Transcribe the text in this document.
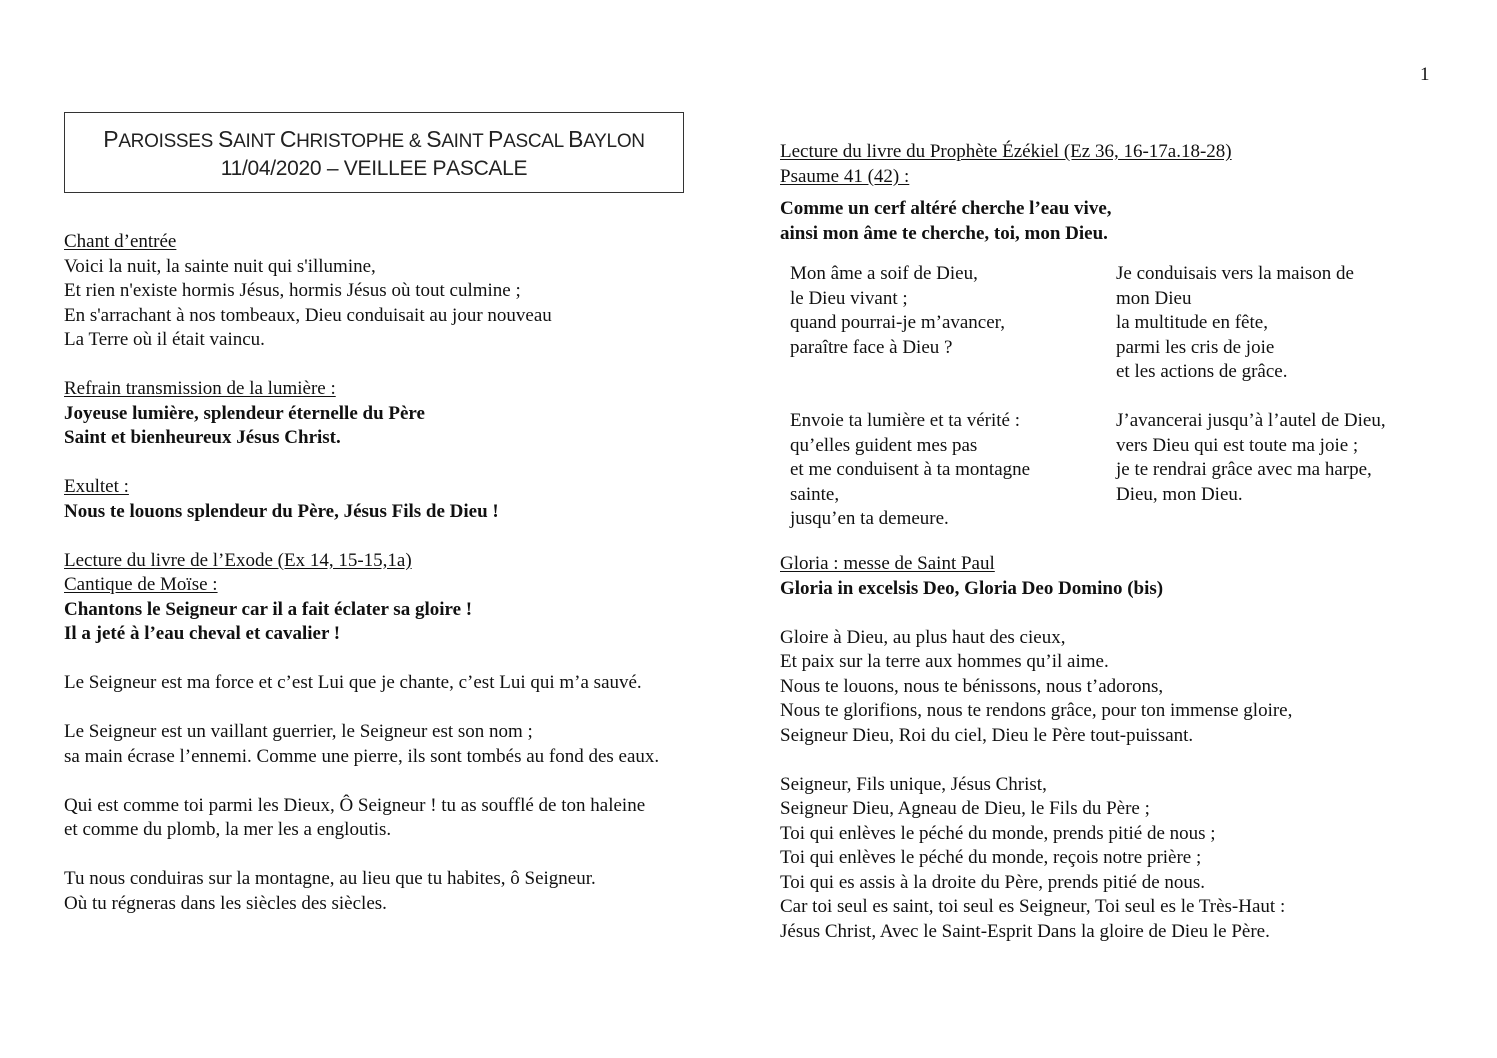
1
PAROISSES SAINT CHRISTOPHE & SAINT PASCAL BAYLON
11/04/2020 – VEILLEE PASCALE
Chant d’entrée
Voici la nuit, la sainte nuit qui s'illumine,
Et rien n'existe hormis Jésus, hormis Jésus où tout culmine ;
En s'arrachant à nos tombeaux, Dieu conduisait au jour nouveau
La Terre où il était vaincu.
Refrain transmission de la lumière :
Joyeuse lumière, splendeur éternelle du Père
Saint et bienheureux Jésus Christ.
Exultet :
Nous te louons splendeur du Père, Jésus Fils de Dieu !
Lecture du livre de l’Exode (Ex 14, 15-15,1a)
Cantique de Moïse :
Chantons le Seigneur car il a fait éclater sa gloire !
Il a jeté à l’eau cheval et cavalier !
Le Seigneur est ma force et c’est Lui que je chante, c’est Lui qui m’a sauvé.
Le Seigneur est un vaillant guerrier, le Seigneur est son nom ;
sa main écrase l’ennemi. Comme une pierre, ils sont tombés au fond des eaux.
Qui est comme toi parmi les Dieux, Ô Seigneur ! tu as soufflé de ton haleine
et comme du plomb, la mer les a engloutis.
Tu nous conduiras sur la montagne, au lieu que tu habites, ô Seigneur.
Où tu régneras dans les siècles des siècles.
Lecture du livre du Prophète Ézékiel (Ez 36, 16-17a.18-28)
Psaume 41 (42) :
Comme un cerf altéré cherche l’eau vive,
ainsi mon âme te cherche, toi, mon Dieu.
Mon âme a soif de Dieu,
le Dieu vivant ;
quand pourrai-je m’avancer,
paraître face à Dieu ?
Je conduisais vers la maison de
mon Dieu
la multitude en fête,
parmi les cris de joie
et les actions de grâce.
Envoie ta lumière et ta vérité :
qu’elles guident mes pas
et me conduisent à ta montagne
sainte,
jusqu’en ta demeure.
J’avancerai jusqu’à l’autel de Dieu,
vers Dieu qui est toute ma joie ;
je te rendrai grâce avec ma harpe,
Dieu, mon Dieu.
Gloria : messe de Saint Paul
Gloria in excelsis Deo, Gloria Deo Domino (bis)
Gloire à Dieu, au plus haut des cieux,
Et paix sur la terre aux hommes qu’il aime.
Nous te louons, nous te bénissons, nous t’adorons,
Nous te glorifions, nous te rendons grâce, pour ton immense gloire,
Seigneur Dieu, Roi du ciel, Dieu le Père tout-puissant.
Seigneur, Fils unique, Jésus Christ,
Seigneur Dieu, Agneau de Dieu, le Fils du Père ;
Toi qui enlèves le péché du monde, prends pitié de nous ;
Toi qui enlèves le péché du monde, reçois notre prière ;
Toi qui es assis à la droite du Père, prends pitié de nous.
Car toi seul es saint, toi seul es Seigneur, Toi seul es le Très-Haut :
Jésus Christ, Avec le Saint-Esprit Dans la gloire de Dieu le Père.
